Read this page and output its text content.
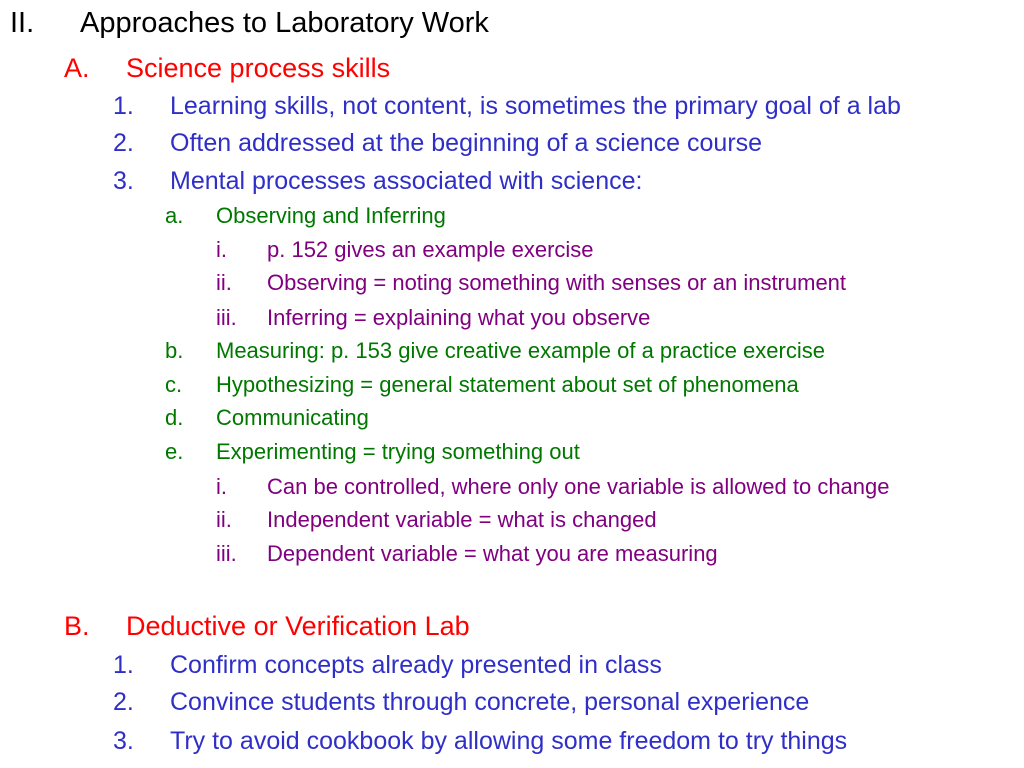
II. Approaches to Laboratory Work
A. Science process skills
1. Learning skills, not content, is sometimes the primary goal of a lab
2. Often addressed at the beginning of a science course
3. Mental processes associated with science:
a. Observing and Inferring
i. p. 152 gives an example exercise
ii. Observing = noting something with senses or an instrument
iii. Inferring = explaining what you observe
b. Measuring: p. 153 give creative example of a practice exercise
c. Hypothesizing = general statement about set of phenomena
d. Communicating
e. Experimenting = trying something out
i. Can be controlled, where only one variable is allowed to change
ii. Independent variable = what is changed
iii. Dependent variable = what you are measuring
B. Deductive or Verification Lab
1. Confirm concepts already presented in class
2. Convince students through concrete, personal experience
3. Try to avoid cookbook by allowing some freedom to try things
